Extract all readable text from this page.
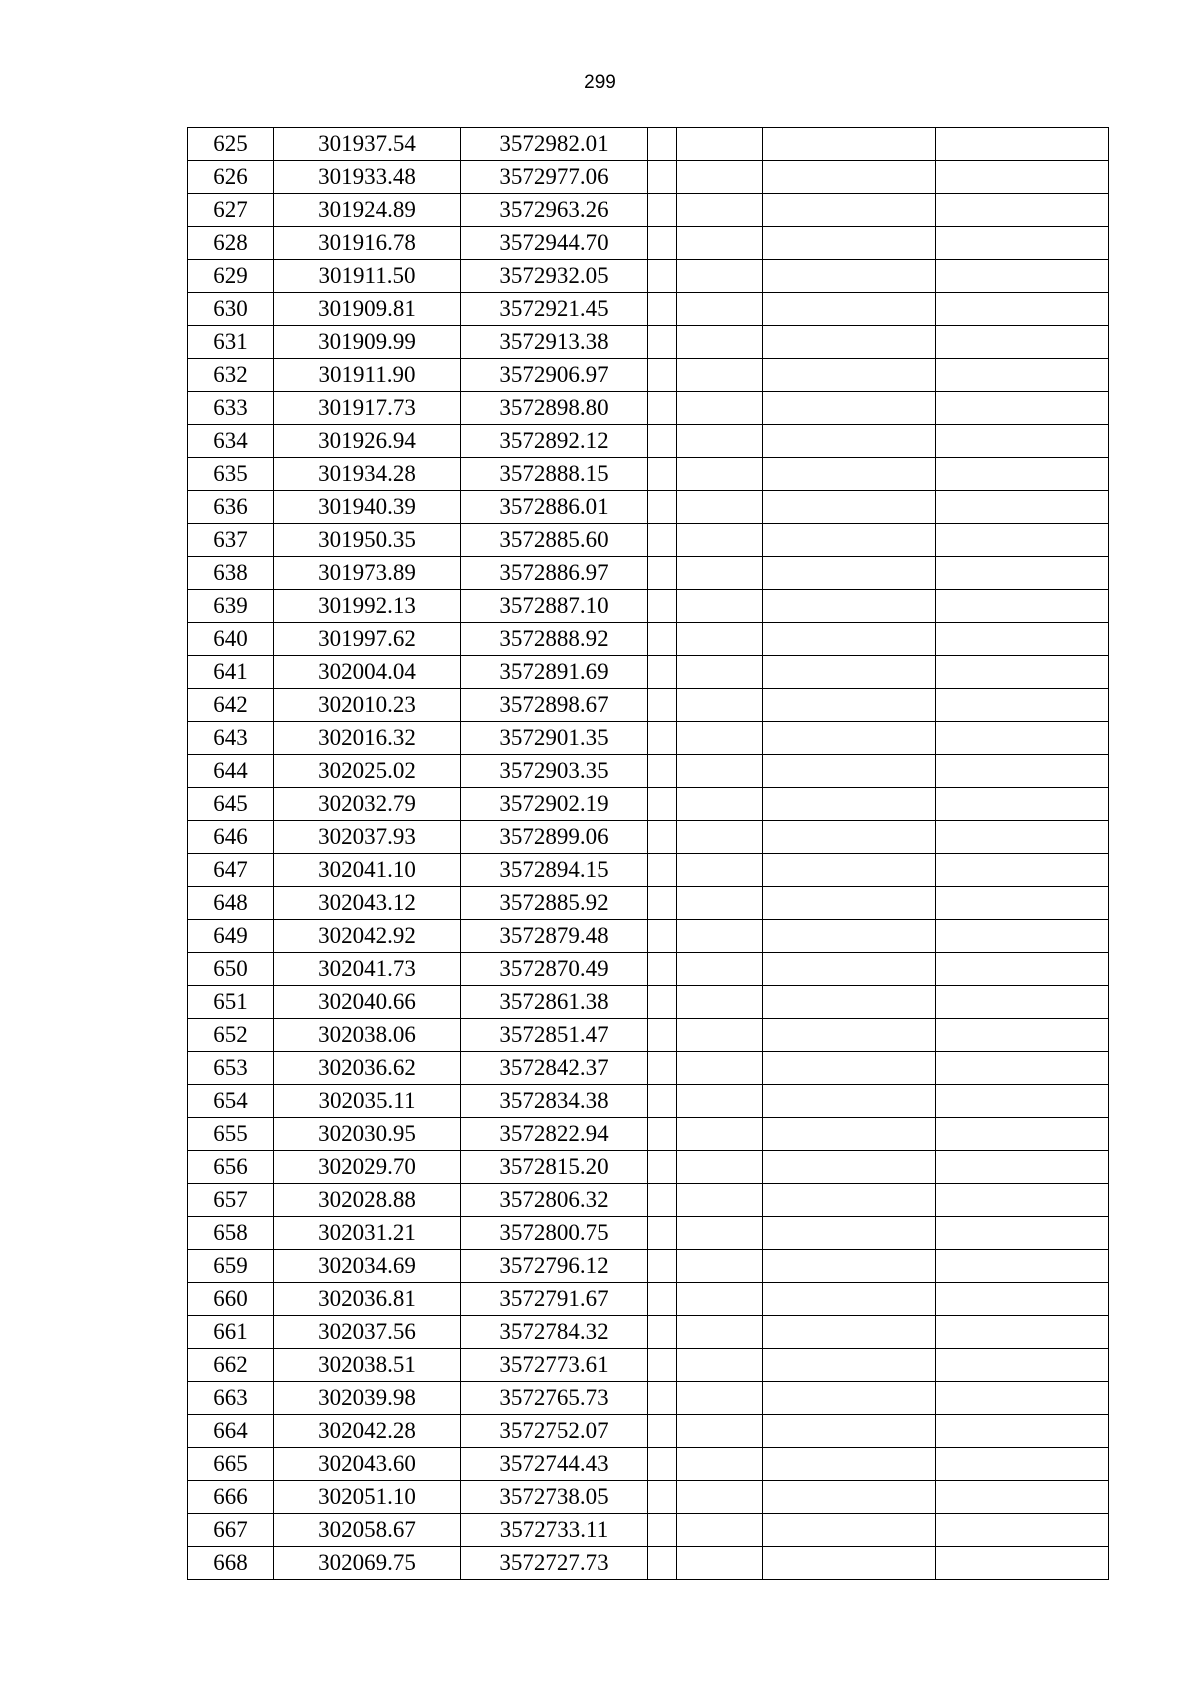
299
625	301937.54	3572982.01				
626	301933.48	3572977.06				
627	301924.89	3572963.26				
628	301916.78	3572944.70				
629	301911.50	3572932.05				
630	301909.81	3572921.45				
631	301909.99	3572913.38				
632	301911.90	3572906.97				
633	301917.73	3572898.80				
634	301926.94	3572892.12				
635	301934.28	3572888.15				
636	301940.39	3572886.01				
637	301950.35	3572885.60				
638	301973.89	3572886.97				
639	301992.13	3572887.10				
640	301997.62	3572888.92				
641	302004.04	3572891.69				
642	302010.23	3572898.67				
643	302016.32	3572901.35				
644	302025.02	3572903.35				
645	302032.79	3572902.19				
646	302037.93	3572899.06				
647	302041.10	3572894.15				
648	302043.12	3572885.92				
649	302042.92	3572879.48				
650	302041.73	3572870.49				
651	302040.66	3572861.38				
652	302038.06	3572851.47				
653	302036.62	3572842.37				
654	302035.11	3572834.38				
655	302030.95	3572822.94				
656	302029.70	3572815.20				
657	302028.88	3572806.32				
658	302031.21	3572800.75				
659	302034.69	3572796.12				
660	302036.81	3572791.67				
661	302037.56	3572784.32				
662	302038.51	3572773.61				
663	302039.98	3572765.73				
664	302042.28	3572752.07				
665	302043.60	3572744.43				
666	302051.10	3572738.05				
667	302058.67	3572733.11				
668	302069.75	3572727.73				
